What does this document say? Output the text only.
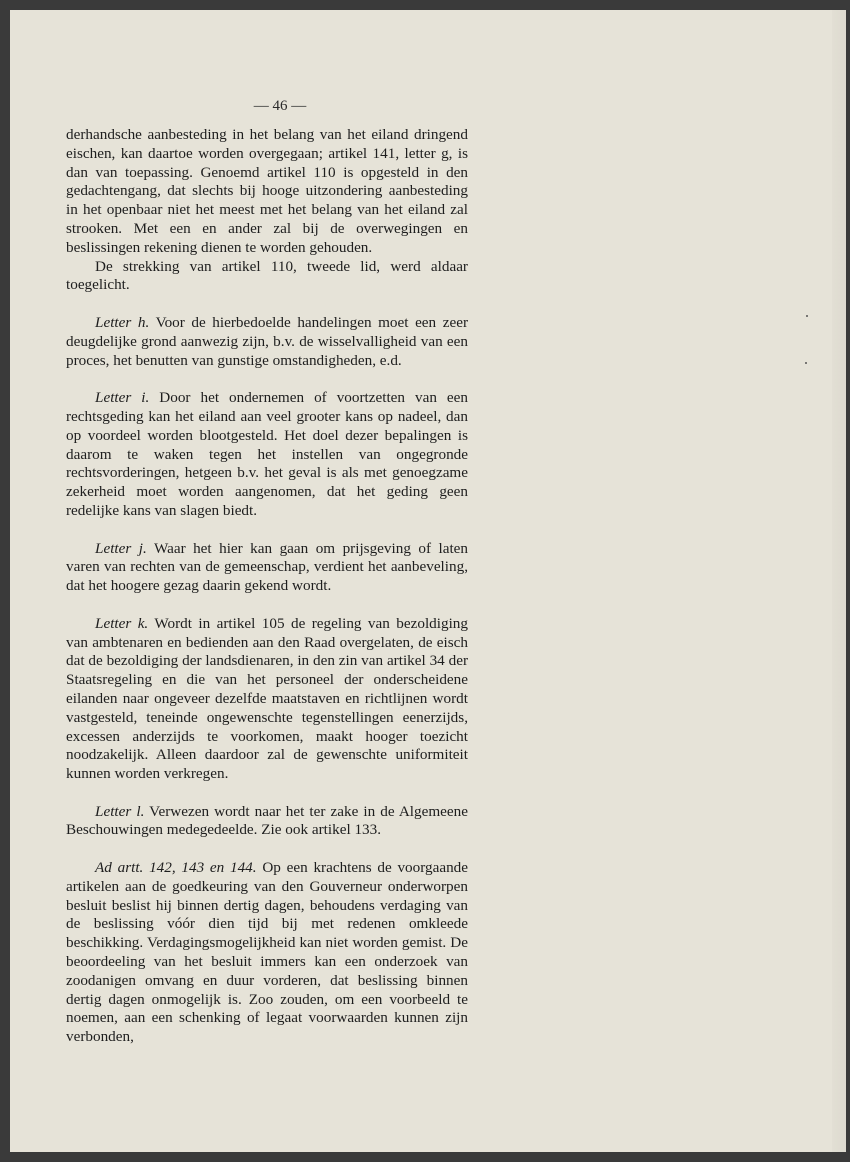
— 46 —

derhandsche aanbesteding in het belang van het eiland dringend eischen, kan daartoe worden overgegaan; artikel 141, letter g, is dan van toepassing. Genoemd artikel 110 is opgesteld in den gedachtengang, dat slechts bij hooge uitzondering aanbesteding in het openbaar niet het meest met het belang van het eiland zal strooken. Met een en ander zal bij de overwegingen en beslissingen rekening dienen te worden gehouden.

De strekking van artikel 110, tweede lid, werd aldaar toegelicht.

Letter h. Voor de hierbedoelde handelingen moet een zeer deugdelijke grond aanwezig zijn, b.v. de wisselvalligheid van een proces, het benutten van gunstige omstandigheden, e.d.

Letter i. Door het ondernemen of voortzetten van een rechtsgeding kan het eiland aan veel grooter kans op nadeel, dan op voordeel worden blootgesteld. Het doel dezer bepalingen is daarom te waken tegen het instellen van ongegronde rechtsvorderingen, hetgeen b.v. het geval is als met genoegzame zekerheid moet worden aangenomen, dat het geding geen redelijke kans van slagen biedt.

Letter j. Waar het hier kan gaan om prijsgeving of laten varen van rechten van de gemeenschap, verdient het aanbeveling, dat het hoogere gezag daarin gekend wordt.

Letter k. Wordt in artikel 105 de regeling van bezoldiging van ambtenaren en bedienden aan den Raad overgelaten, de eisch dat de bezoldiging der landsdienaren, in den zin van artikel 34 der Staatsregeling en die van het personeel der onderscheidene eilanden naar ongeveer dezelfde maatstaven en richtlijnen wordt vastgesteld, teneinde ongewenschte tegenstellingen eenerzijds, excessen anderzijds te voorkomen, maakt hooger toezicht noodzakelijk. Alleen daardoor zal de gewenschte uniformiteit kunnen worden verkregen.

Letter l. Verwezen wordt naar het ter zake in de Algemeene Beschouwingen medegedeelde. Zie ook artikel 133.

Ad artt. 142, 143 en 144. Op een krachtens de voorgaande artikelen aan de goedkeuring van den Gouverneur onderworpen besluit beslist hij binnen dertig dagen, behoudens verdaging van de beslissing vóór dien tijd bij met redenen omkleede beschikking. Verdagingsmogelijkheid kan niet worden gemist. De beoordeeling van het besluit immers kan een onderzoek van zoodanigen omvang en duur vorderen, dat beslissing binnen dertig dagen onmogelijk is. Zoo zouden, om een voorbeeld te noemen, aan een schenking of legaat voorwaarden kunnen zijn verbonden,
